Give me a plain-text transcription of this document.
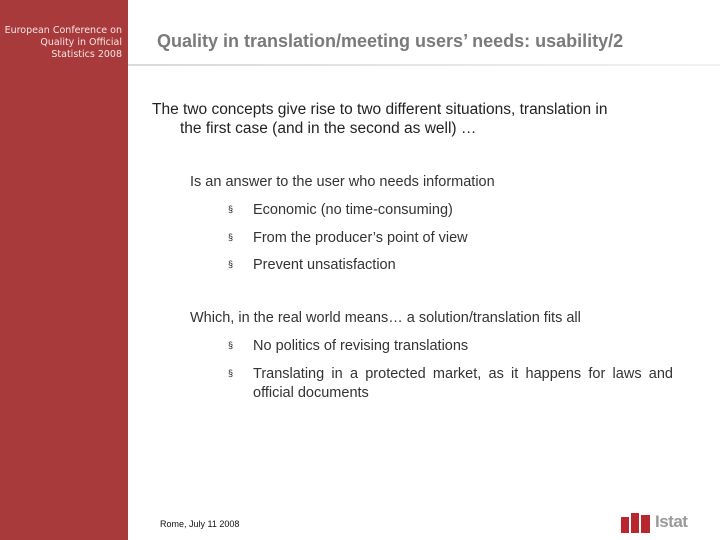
European Conference on
Quality in Official
Statistics 2008
Quality in translation/meeting users’ needs: usability/2
The two concepts give rise to two different situations, translation in
the first case (and in the second as well) …
Is an answer to the user who needs information
§ Economic (no time-consuming)
§ From the producer’s point of view
§ Prevent unsatisfaction
Which, in the real world means… a solution/translation fits all
§ No politics of revising translations
§ Translating in a protected market, as it happens for laws and official documents
Rome, July 11 2008	Istat
